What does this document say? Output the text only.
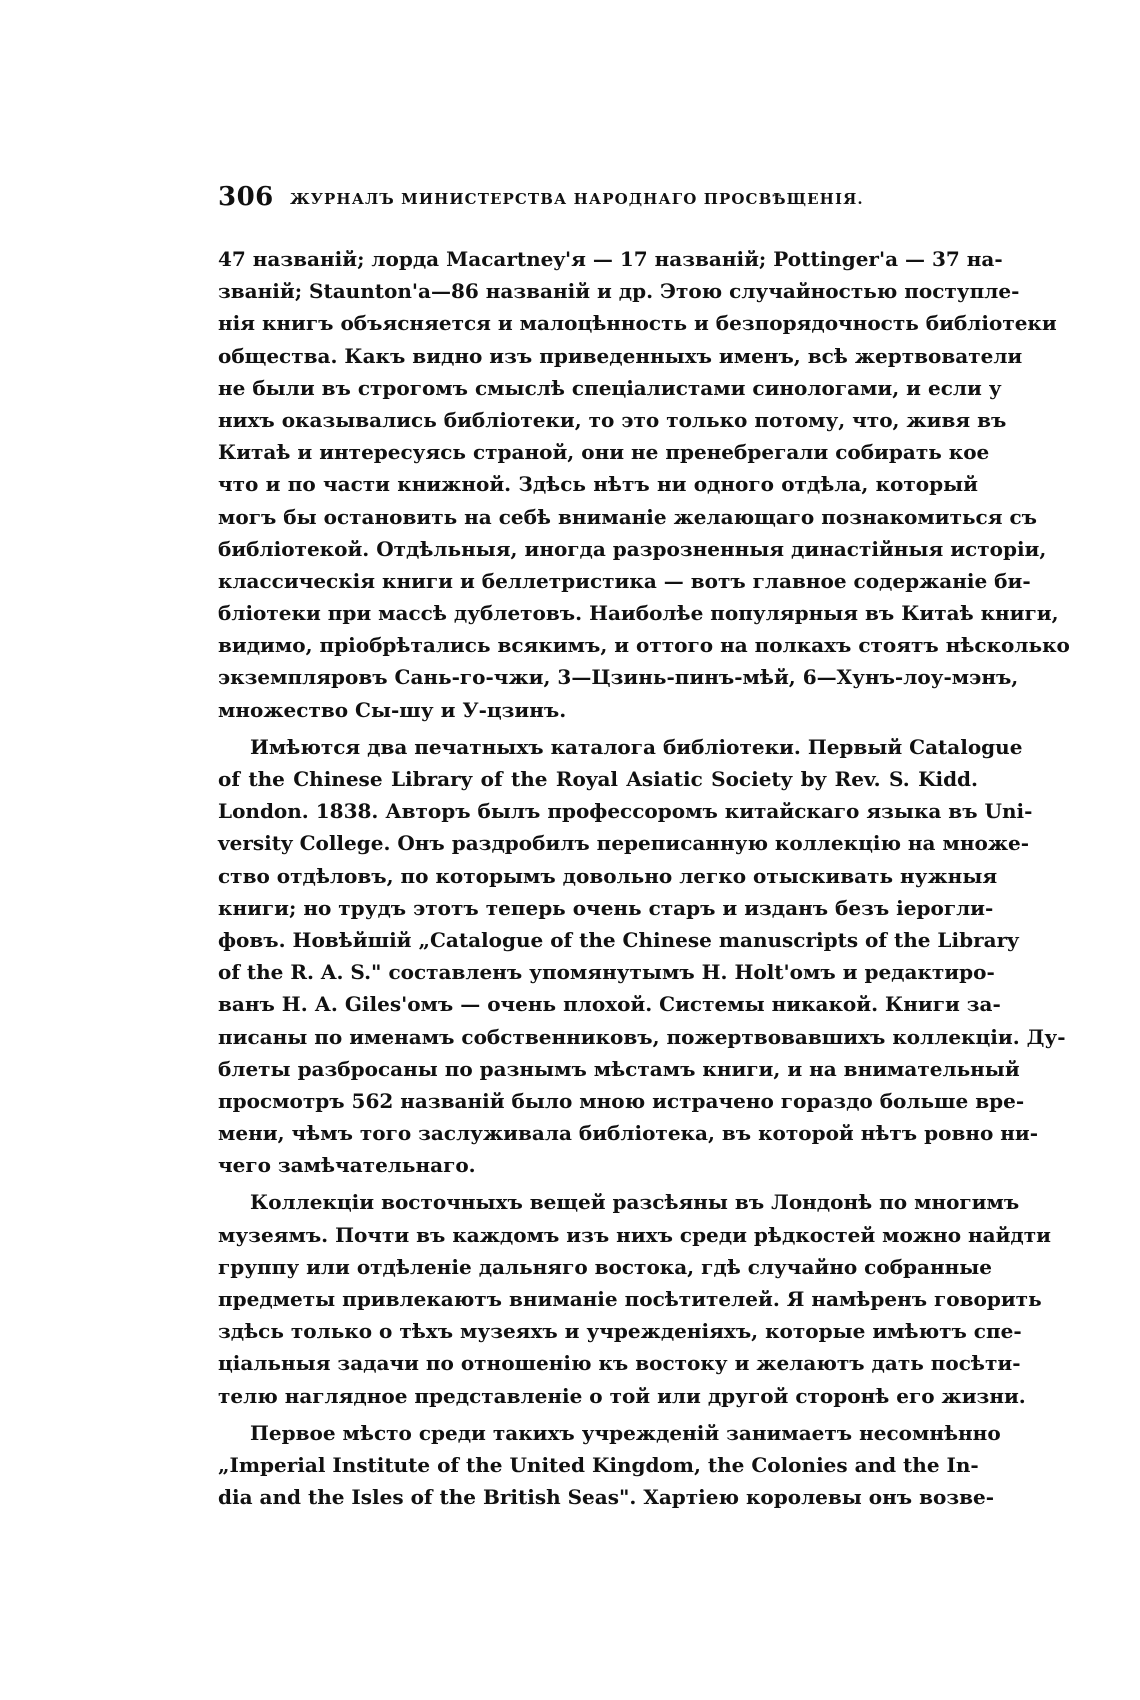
306 ЖУРНАЛЪ МИНИСТЕРСТВА НАРОДНАГО ПРОСВѢЩЕНІЯ.
47 названій; лорда Macartney'я — 17 названій; Pottinger'а — 37 на-
званій; Staunton'а—86 названій и др. Этою случайностью поступле-
нія книгъ объясняется и малоцѣнность и безпорядочность библіотеки
общества. Какъ видно изъ приведенныхъ именъ, всѣ жертвователи
не были въ строгомъ смыслѣ спеціалистами синологами, и если у
нихъ оказывались библіотеки, то это только потому, что, живя въ
Китаѣ и интересуясь страной, они не пренебрегали собирать кое
что и по части книжной. Здѣсь нѣтъ ни одного отдѣла, который
могъ бы остановить на себѣ вниманіе желающаго познакомиться съ
библіотекой. Отдѣльныя, иногда разрозненныя династійныя исторіи,
классическія книги и беллетристика — вотъ главное содержаніе би-
бліотеки при массѣ дублетовъ. Наиболѣе популярныя въ Китаѣ книги,
видимо, пріобрѣтались всякимъ, и оттого на полкахъ стоятъ нѣсколько
экземпляровъ Сань-го-чжи, 3—Цзинь-пинъ-мѣй, 6—Хунъ-лоу-мэнъ,
множество Сы-шу и У-цзинъ.
Имѣются два печатныхъ каталога библіотеки. Первый Catalogue
of the Chinese Library of the Royal Asiatic Society by Rev. S. Kidd.
London. 1838. Авторъ былъ профессоромъ китайскаго языка въ Uni-
versity College. Онъ раздробилъ переписанную коллекцію на множе-
ство отдѣловъ, по которымъ довольно легко отыскивать нужныя
книги; но трудъ этотъ теперь очень старъ и изданъ безъ іерогли-
фовъ. Новѣйшій „Catalogue of the Chinese manuscripts of the Library
of the R. A. S." составленъ упомянутымъ Н. Holt'омъ и редактиро-
ванъ Н. А. Giles'омъ — очень плохой. Системы никакой. Книги за-
писаны по именамъ собственниковъ, пожертвовавшихъ коллекціи. Ду-
блеты разбросаны по разнымъ мѣстамъ книги, и на внимательный
просмотръ 562 названій было мною истрачено гораздо больше вре-
мени, чѣмъ того заслуживала библіотека, въ которой нѣтъ ровно ни-
чего замѣчательнаго.
Коллекціи восточныхъ вещей разсѣяны въ Лондонѣ по многимъ
музеямъ. Почти въ каждомъ изъ нихъ среди рѣдкостей можно найдти
группу или отдѣленіе дальняго востока, гдѣ случайно собранные
предметы привлекаютъ вниманіе посѣтителей. Я намѣренъ говорить
здѣсь только о тѣхъ музеяхъ и учрежденіяхъ, которые имѣютъ спе-
ціальныя задачи по отношенію къ востоку и желаютъ дать посѣти-
телю наглядное представленіе о той или другой сторонѣ его жизни.
Первое мѣсто среди такихъ учрежденій занимаетъ несомнѣнно
„Imperial Institute of the United Kingdom, the Colonies and the In-
dia and the Isles of the British Seas". Хартіею королевы онъ возве-
